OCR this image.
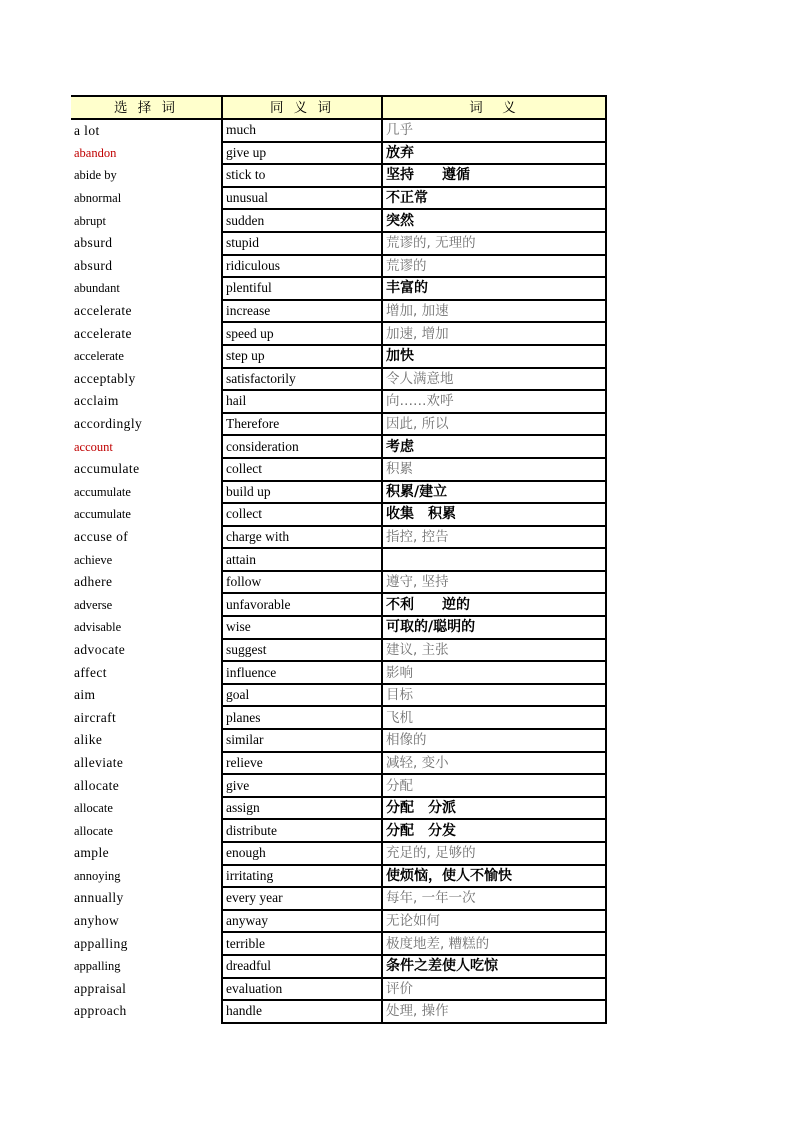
选 择 词	同 义 词	词　义
a lot	much	几乎
abandon	give up	放弃
abide by	stick to	坚持　　遵循
abnormal	unusual	不正常
abrupt	sudden	突然
absurd	stupid	荒谬的, 无理的
absurd	ridiculous	荒谬的
abundant	plentiful	丰富的
accelerate	increase	增加, 加速
accelerate	speed up	加速, 增加
accelerate	step up	加快
acceptably	satisfactorily	令人满意地
acclaim	hail	向……欢呼
accordingly	Therefore	因此, 所以
account	consideration	考虑
accumulate	collect	积累
accumulate	build up	积累/建立
accumulate	collect	收集　积累
accuse of	charge with	指控, 控告
achieve	attain	
adhere	follow	遵守, 坚持
adverse	unfavorable	不利　　逆的
advisable	wise	可取的/聪明的
advocate	suggest	建议, 主张
affect	influence	影响
aim	goal	目标
aircraft	planes	飞机
alike	similar	相像的
alleviate	relieve	减轻, 变小
allocate	give	分配
allocate	assign	分配　分派
allocate	distribute	分配　分发
ample	enough	充足的, 足够的
annoying	irritating	使烦恼，使人不愉快
annually	every year	每年, 一年一次
anyhow	anyway	无论如何
appalling	terrible	极度地差, 糟糕的
appalling	dreadful	条件之差使人吃惊
appraisal	evaluation	评价
approach	handle	处理, 操作
